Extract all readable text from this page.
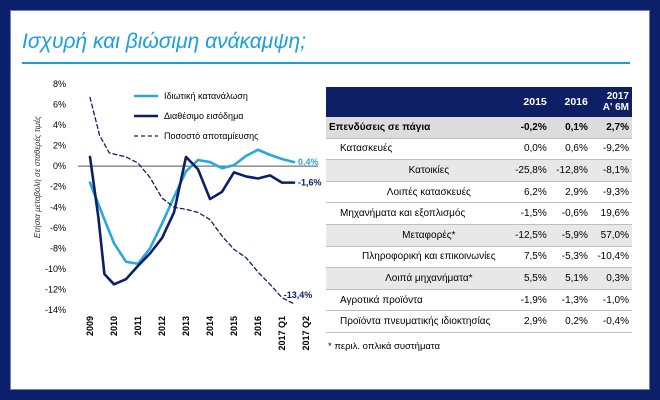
Ισχυρή και βιώσιμη ανάκαμψη;
Ετήσια μεταβολή σε σταθερές τιμές
8%
6%
4%
2%
0%
-2%
-4%
-6%
-8%
-10%
-12%
-14%
2009 2010 2011 2012 2013 2014 2015 2016 2017 Q1 2017 Q2
Ιδιωτική κατανάλωση
Διαθέσιμο εισόδημα
Ποσοστό αποταμίευσης
0,4%
-1,6%
-13,4%
	2015	2016	2017
Α' 6Μ
Επενδύσεις σε πάγια	-0,2%	0,1%	2,7%
Κατασκευές	0,0%	0,6%	-9,2%
Κατοικίες	-25,8%	-12,8%	-8,1%
Λοιπές κατασκευές	6,2%	2,9%	-9,3%
Μηχανήματα και εξοπλισμός	-1,5%	-0,6%	19,6%
Μεταφορές*	-12,5%	-5,9%	57,0%
Πληροφορική και επικοινωνίες	7,5%	-5,3%	-10,4%
Λοιπά μηχανήματα*	5,5%	5,1%	0,3%
Αγροτικά προϊόντα	-1,9%	-1,3%	-1,0%
Προϊόντα πνευματικής ιδιοκτησίας	2,9%	0,2%	-0,4%
* περιλ. οπλικά συστήματα
